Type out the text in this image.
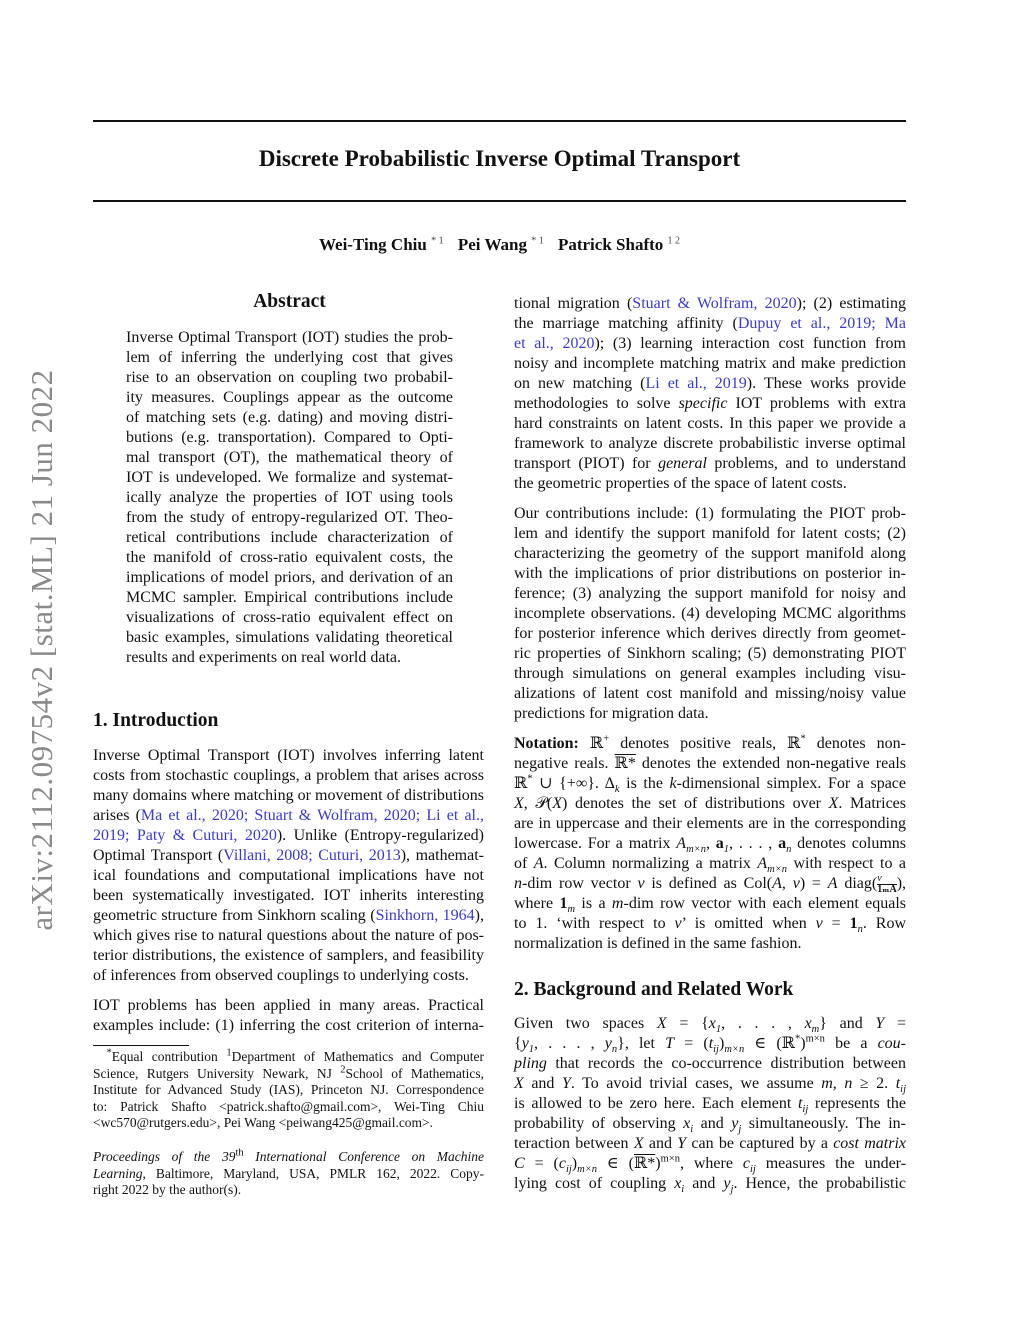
arXiv:2112.09754v2 [stat.ML] 21 Jun 2022
Discrete Probabilistic Inverse Optimal Transport
Wei-Ting Chiu $^{* 1}$ Pei Wang $^{* 1}$ Patrick Shafto $^{1 2}$
Abstract
Inverse Optimal Transport (IOT) studies the prob-
lem of inferring the underlying cost that gives
rise to an observation on coupling two probabil-
ity measures. Couplings appear as the outcome
of matching sets (e.g. dating) and moving distri-
butions (e.g. transportation). Compared to Opti-
mal transport (OT), the mathematical theory of
IOT is undeveloped. We formalize and systemat-
ically analyze the properties of IOT using tools
from the study of entropy-regularized OT. Theo-
retical contributions include characterization of
the manifold of cross-ratio equivalent costs, the
implications of model priors, and derivation of an
MCMC sampler. Empirical contributions include
visualizations of cross-ratio equivalent effect on
basic examples, simulations validating theoretical
results and experiments on real world data.
1. Introduction
Inverse Optimal Transport (IOT) involves inferring latent
costs from stochastic couplings, a problem that arises across
many domains where matching or movement of distributions
arises (Ma et al., 2020; Stuart & Wolfram, 2020; Li et al.,
2019; Paty & Cuturi, 2020). Unlike (Entropy-regularized)
Optimal Transport (Villani, 2008; Cuturi, 2013), mathemat-
ical foundations and computational implications have not
been systematically investigated. IOT inherits interesting
geometric structure from Sinkhorn scaling (Sinkhorn, 1964),
which gives rise to natural questions about the nature of pos-
terior distributions, the existence of samplers, and feasibility
of inferences from observed couplings to underlying costs.
IOT problems has been applied in many areas. Practical
examples include: (1) inferring the cost criterion of interna-
 *Equal contribution $^1$Department of Mathematics and Computer
Science, Rutgers University Newark, NJ $^2$School of Mathematics,
Institute for Advanced Study (IAS), Princeton NJ. Correspondence
to: Patrick Shafto <patrick.shafto@gmail.com>, Wei-Ting Chiu
<wc570@rutgers.edu>, Pei Wang <peiwang425@gmail.com>.
Proceedings of the 39th International Conference on Machine
Learning, Baltimore, Maryland, USA, PMLR 162, 2022. Copy-
right 2022 by the author(s).
tional migration (Stuart & Wolfram, 2020); (2) estimating
the marriage matching affinity (Dupuy et al., 2019; Ma
et al., 2020); (3) learning interaction cost function from
noisy and incomplete matching matrix and make prediction
on new matching (Li et al., 2019). These works provide
methodologies to solve specific IOT problems with extra
hard constraints on latent costs. In this paper we provide a
framework to analyze discrete probabilistic inverse optimal
transport (PIOT) for general problems, and to understand
the geometric properties of the space of latent costs.
Our contributions include: (1) formulating the PIOT prob-
lem and identify the support manifold for latent costs; (2)
characterizing the geometry of the support manifold along
with the implications of prior distributions on posterior in-
ference; (3) analyzing the support manifold for noisy and
incomplete observations. (4) developing MCMC algorithms
for posterior inference which derives directly from geomet-
ric properties of Sinkhorn scaling; (5) demonstrating PIOT
through simulations on general examples including visu-
alizations of latent cost manifold and missing/noisy value
predictions for migration data.
Notation: ℝ+ denotes positive reals, ℝ* denotes non-
negative reals. ℝ* denotes the extended non-negative reals
ℝ* ∪ {+∞}. $\Delta_k$ is the k-dimensional simplex. For a space
X, 𝒫(X) denotes the set of distributions over X. Matrices
are in uppercase and their elements are in the corresponding
lowercase. For a matrix $A_{m\times n}$, $a_1$, . . . , $a_n$ denotes columns
of A. Column normalizing a matrix $A_{m\times n}$ with respect to a
n-dim row vector ν is defined as Col(A, ν) = A diag( $\frac{\nu}{\text{1ₘA}}$ ),
where $1_m$ is a m-dim row vector with each element equals
to 1. ‘with respect to ν’ is omitted when $\nu = 1_n$. Row
normalization is defined in the same fashion.
2. Background and Related Work
Given two spaces $X = \{x_1$, . . . , $x_m$} and Y =
{$y_1$, . . . , $y_n$}, let $T = (t_{ij})_{m\times n}$ ∈ (ℝ*)$^{m\times n}$ be a cou-
pling that records the co-occurrence distribution between
X and Y. To avoid trivial cases, we assume m, n ≥ 2. $t_{ij}$
is allowed to be zero here. Each element $t_{ij}$ represents the
probability of observing $x_i$ and $y_j$ simultaneously. The in-
teraction between X and Y can be captured by a cost matrix
$C = (c_{ij})_{m\times n}$ ∈ (ℝ*)$^{m\times n}$, where $c_{ij}$ measures the under-
lying cost of coupling $x_i$ and $y_j$. Hence, the probabilistic
